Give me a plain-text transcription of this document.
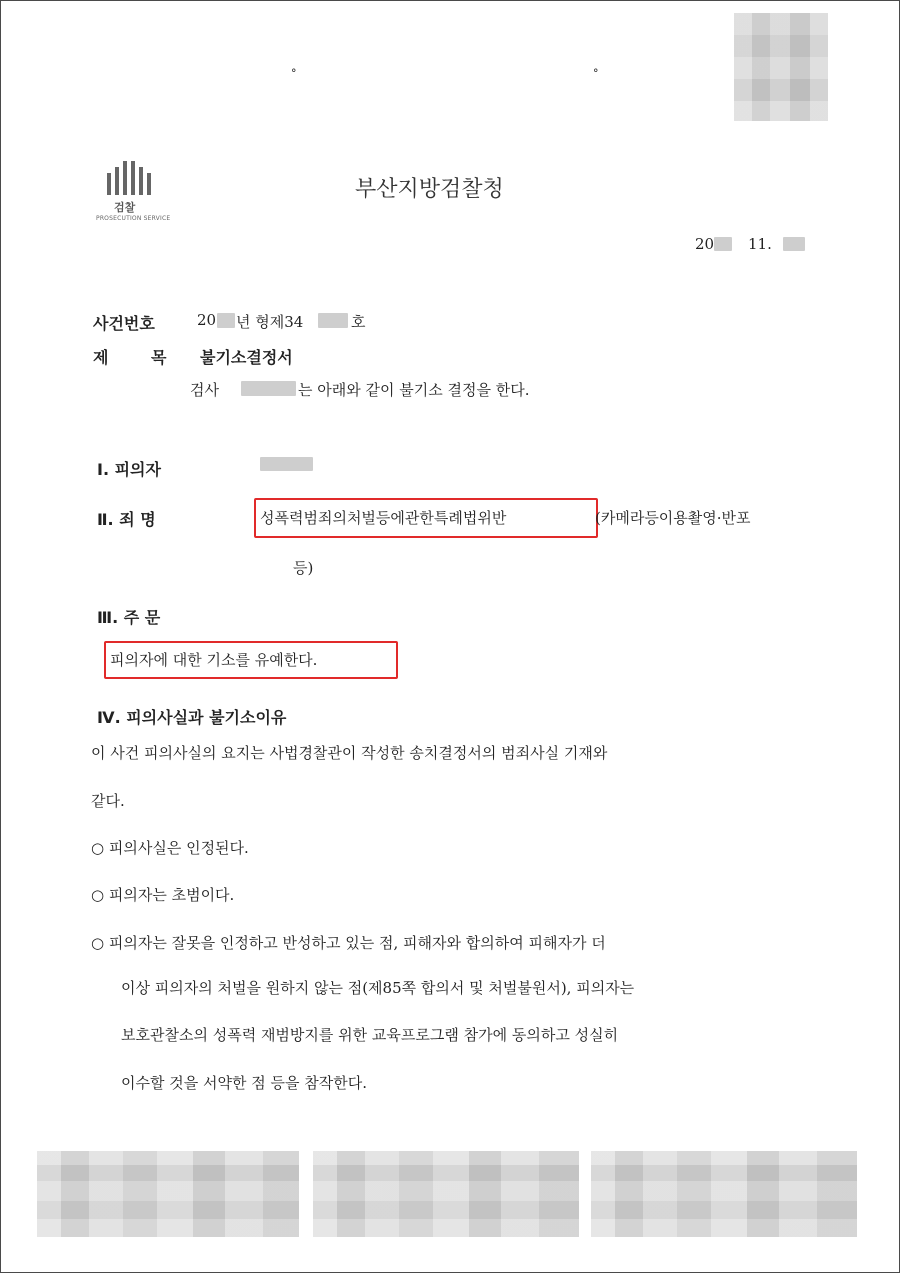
°	°
검찰
PROSECUTION SERVICE
부산지방검찰청
20 11.
사건번호	20 년 형제34	호
제	목 불기소결정서
검사	는 아래와 같이 불기소 결정을 한다.
Ⅰ. 피의자
Ⅱ. 죄 명	성폭력범죄의처벌등에관한특례법위반	(카메라등이용촬영·반포
등)
Ⅲ. 주 문
피의자에 대한 기소를 유예한다.
Ⅳ. 피의사실과 불기소이유
이 사건 피의사실의 요지는 사법경찰관이 작성한 송치결정서의 범죄사실 기재와
같다.
○ 피의사실은 인정된다.
○ 피의자는 초범이다.
○ 피의자는 잘못을 인정하고 반성하고 있는 점, 피해자와 합의하여 피해자가 더
이상 피의자의 처벌을 원하지 않는 점(제85쪽 합의서 및 처벌불원서), 피의자는
보호관찰소의 성폭력 재범방지를 위한 교육프로그램 참가에 동의하고 성실히
이수할 것을 서약한 점 등을 참작한다.
